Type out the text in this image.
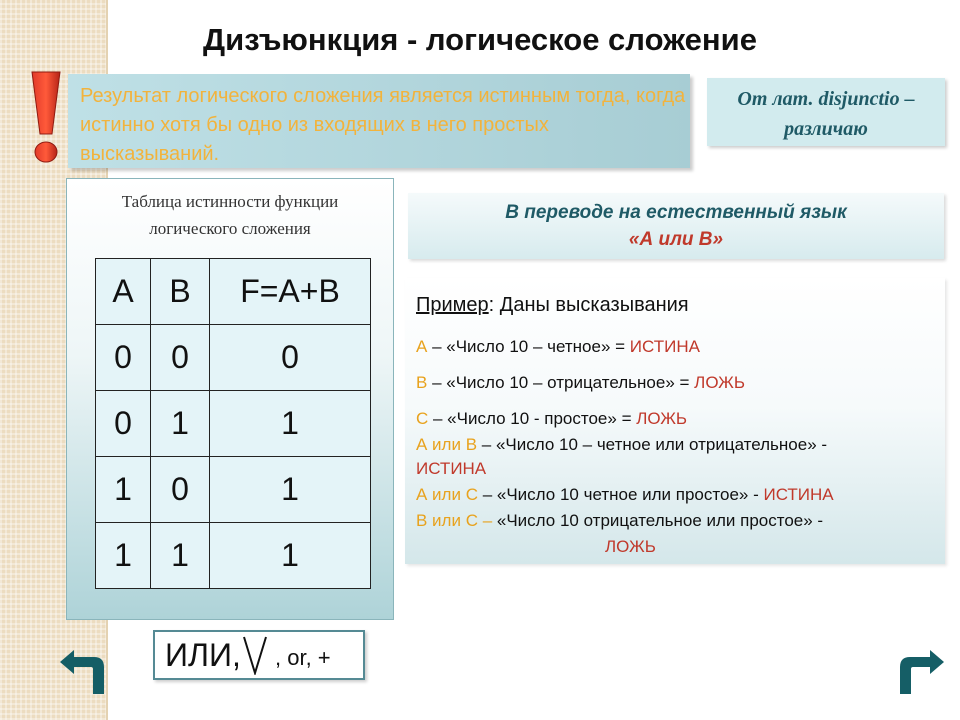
Дизъюнкция - логическое сложение

Результат логического сложения является истинным тогда, когда истинно хотя бы одно из входящих в него простых высказываний.

От лат. disjunctio –
различаю

Таблица истинности функции
логического сложения

A	B	F=A+B
0	0	0
0	1	1
1	0	1
1	1	1
ИЛИ, , or, +
В переводе на естественный язык
«А или В»

Пример: Даны высказывания

А – «Число 10 – четное» = ИСТИНА

В – «Число 10 – отрицательное» = ЛОЖЬ

С – «Число 10 - простое» = ЛОЖЬ

А или В – «Число 10 – четное или отрицательное» -

ИСТИНА

А или С – «Число 10 четное или простое» - ИСТИНА

В или С – «Число 10 отрицательное или простое» -

ЛОЖЬ
